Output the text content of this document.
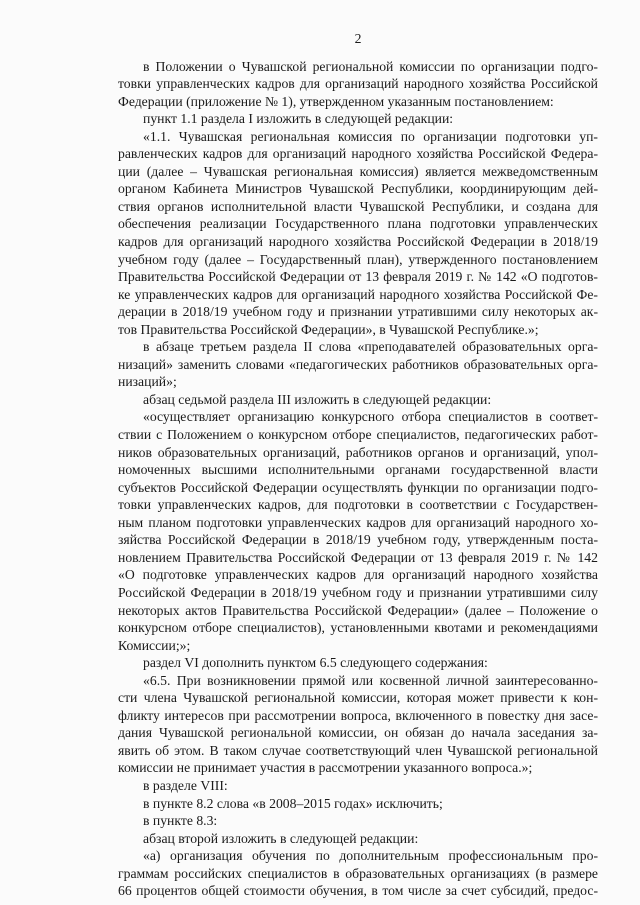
2
в Положении о Чувашской региональной комиссии по организации подго-
товки управленческих кадров для организаций народного хозяйства Российской
Федерации (приложение № 1), утвержденном указанным постановлением:
пункт 1.1 раздела I изложить в следующей редакции:
«1.1. Чувашская региональная комиссия по организации подготовки уп-
равленческих кадров для организаций народного хозяйства Российской Федера-
ции (далее – Чувашская региональная комиссия) является межведомственным
органом Кабинета Министров Чувашской Республики, координирующим дей-
ствия органов исполнительной власти Чувашской Республики, и создана для
обеспечения реализации Государственного плана подготовки управленческих
кадров для организаций народного хозяйства Российской Федерации в 2018/19
учебном году (далее – Государственный план), утвержденного постановлением
Правительства Российской Федерации от 13 февраля 2019 г. № 142 «О подготов-
ке управленческих кадров для организаций народного хозяйства Российской Фе-
дерации в 2018/19 учебном году и признании утратившими силу некоторых ак-
тов Правительства Российской Федерации», в Чувашской Республике.»;
в абзаце третьем раздела II слова «преподавателей образовательных орга-
низаций» заменить словами «педагогических работников образовательных орга-
низаций»;
абзац седьмой раздела III изложить в следующей редакции:
«осуществляет организацию конкурсного отбора специалистов в соответ-
ствии с Положением о конкурсном отборе специалистов, педагогических работ-
ников образовательных организаций, работников органов и организаций, упол-
номоченных высшими исполнительными органами государственной власти
субъектов Российской Федерации осуществлять функции по организации подго-
товки управленческих кадров, для подготовки в соответствии с Государствен-
ным планом подготовки управленческих кадров для организаций народного хо-
зяйства Российской Федерации в 2018/19 учебном году, утвержденным поста-
новлением Правительства Российской Федерации от 13 февраля 2019 г. № 142
«О подготовке управленческих кадров для организаций народного хозяйства
Российской Федерации в 2018/19 учебном году и признании утратившими силу
некоторых актов Правительства Российской Федерации» (далее – Положение о
конкурсном отборе специалистов), установленными квотами и рекомендациями
Комиссии;»;
раздел VI дополнить пунктом 6.5 следующего содержания:
«6.5. При возникновении прямой или косвенной личной заинтересованно-
сти члена Чувашской региональной комиссии, которая может привести к кон-
фликту интересов при рассмотрении вопроса, включенного в повестку дня засе-
дания Чувашской региональной комиссии, он обязан до начала заседания за-
явить об этом. В таком случае соответствующий член Чувашской региональной
комиссии не принимает участия в рассмотрении указанного вопроса.»;
в разделе VIII:
в пункте 8.2 слова «в 2008–2015 годах» исключить;
в пункте 8.3:
абзац второй изложить в следующей редакции:
«а) организация обучения по дополнительным профессиональным про-
граммам российских специалистов в образовательных организациях (в размере
66 процентов общей стоимости обучения, в том числе за счет субсидий, предос-
